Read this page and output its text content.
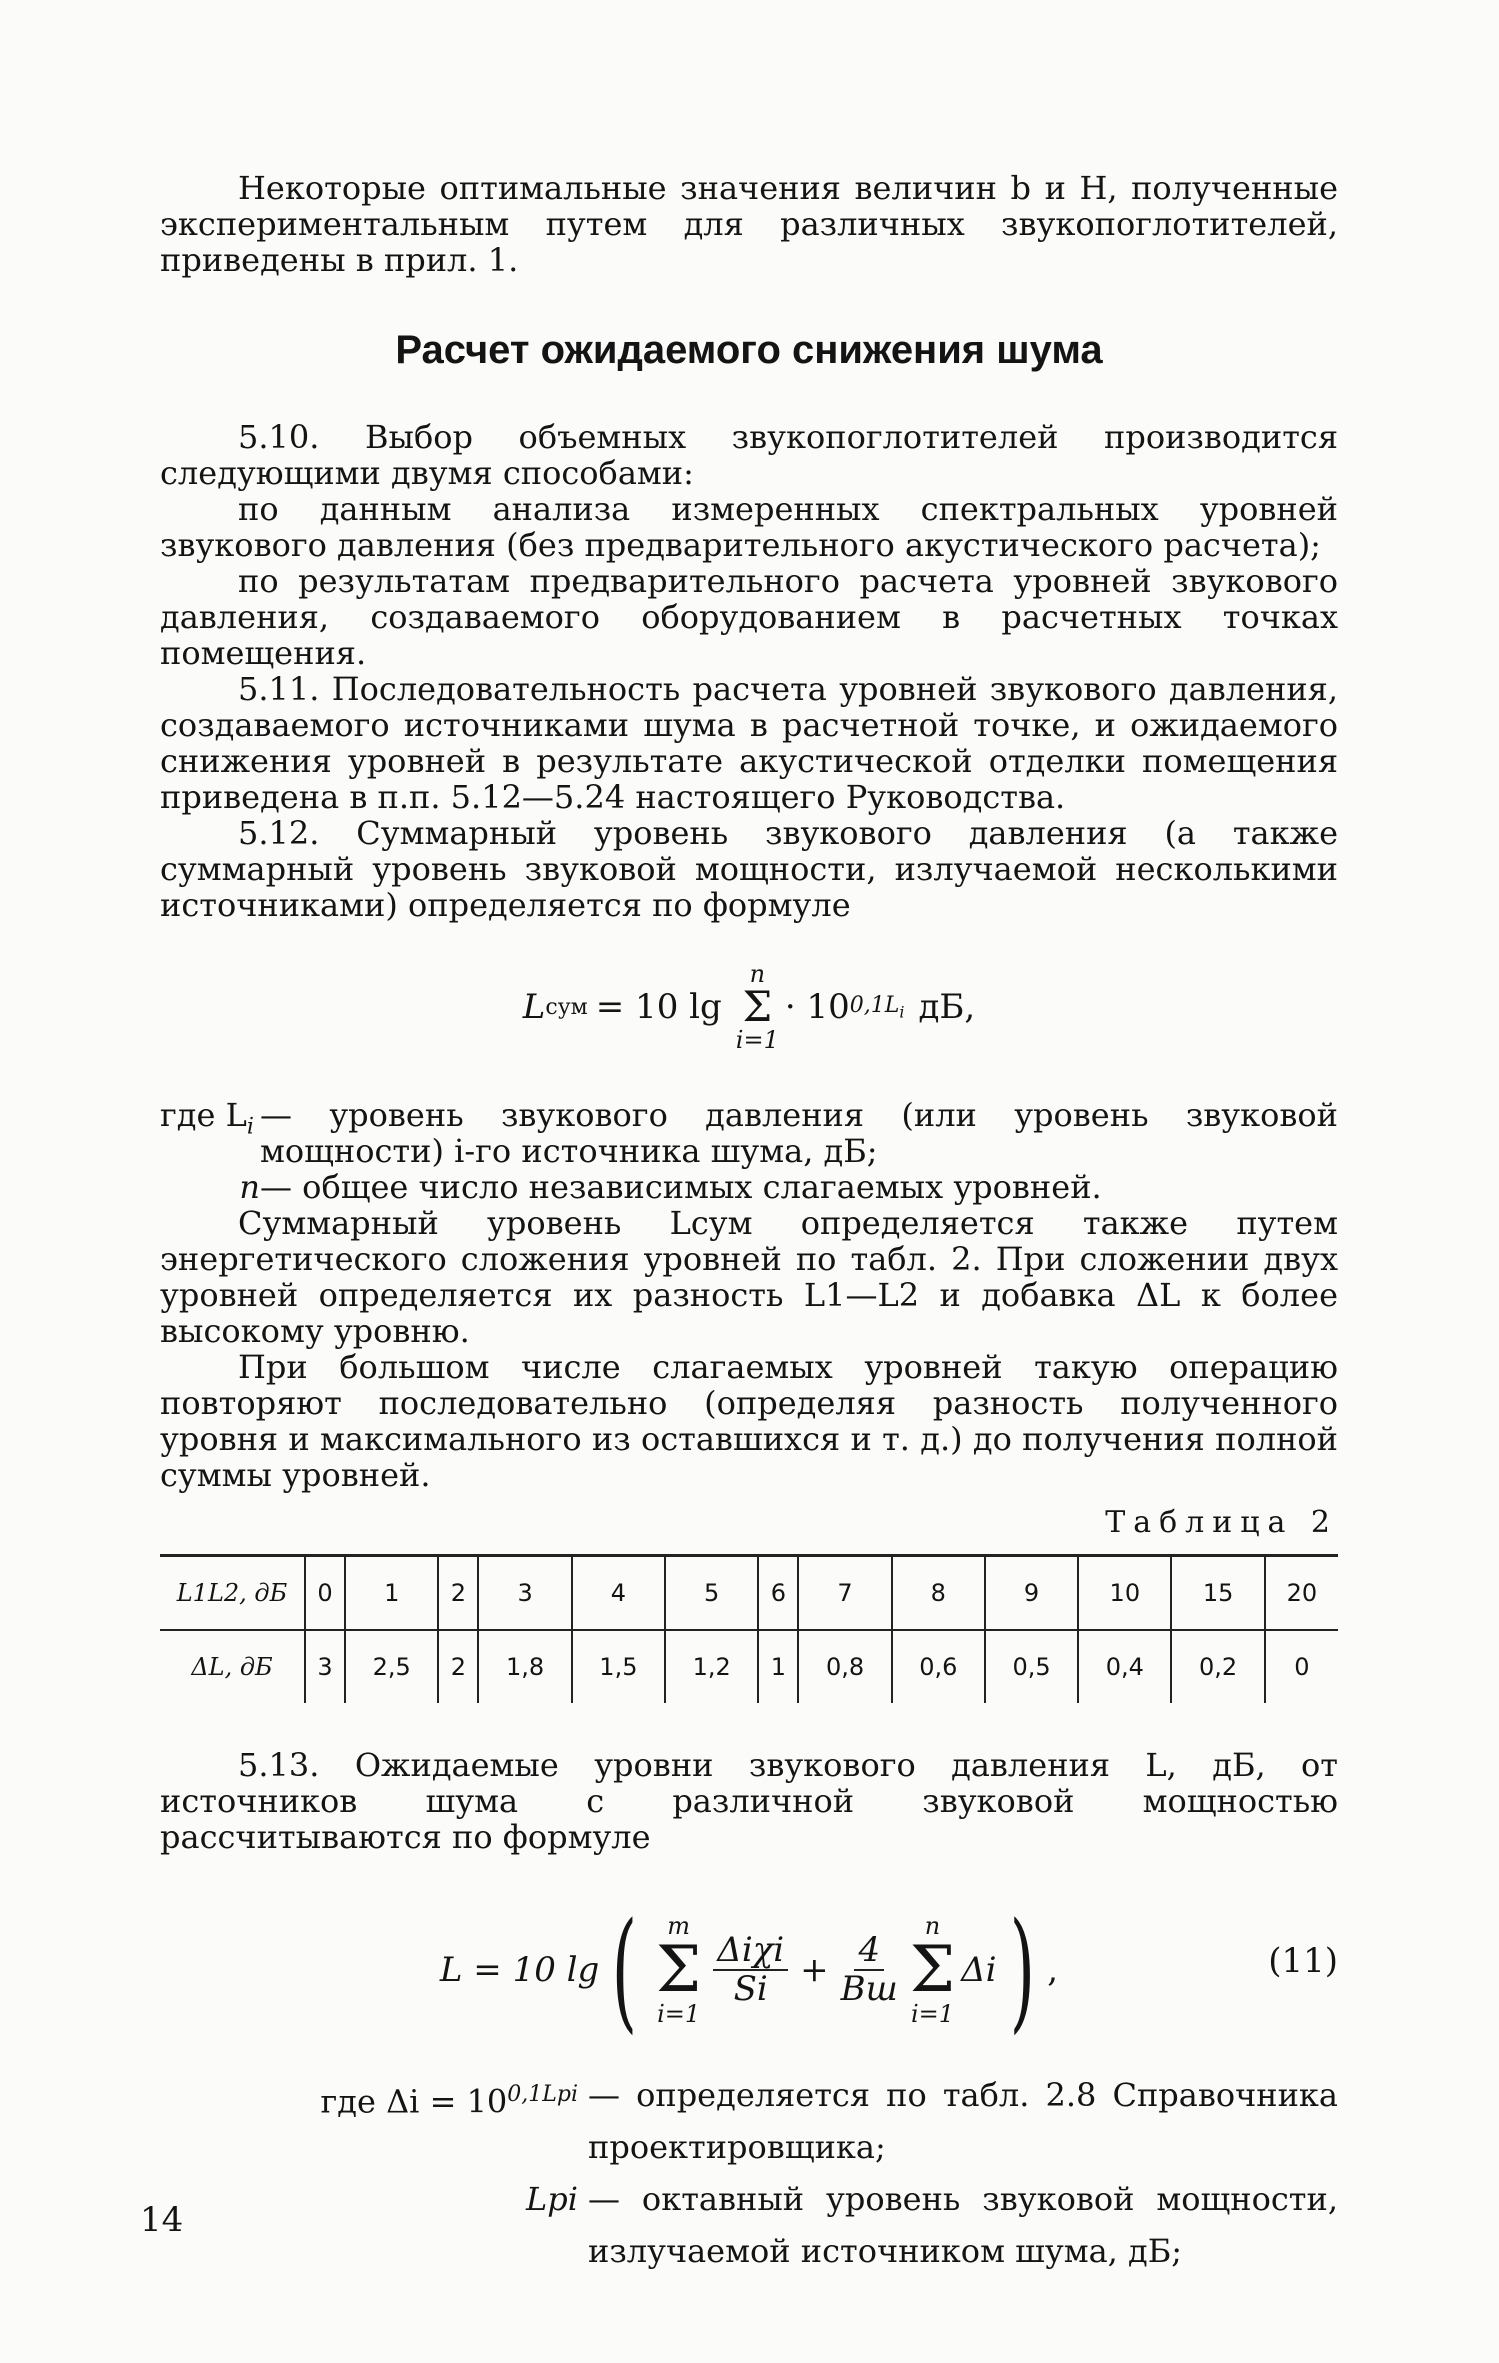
Некоторые оптимальные значения величин b и H, полученные экспериментальным путем для различных звукопоглотителей, приведены в прил. 1.

Расчет ожидаемого снижения шума

5.10. Выбор объемных звукопоглотителей производится следующими двумя способами:

по данным анализа измеренных спектральных уровней звукового давления (без предварительного акустического расчета);

по результатам предварительного расчета уровней звукового давления, создаваемого оборудованием в расчетных точках помещения.

5.11. Последовательность расчета уровней звукового давления, создаваемого источниками шума в расчетной точке, и ожидаемого снижения уровней в результате акустической отделки помещения приведена в п.п. 5.12—5.24 настоящего Руководства.

5.12. Суммарный уровень звукового давления (а также суммарный уровень звуковой мощности, излучаемой несколькими источниками) определяется по формуле

L сум = 10 lg
n
Σ
i=1
· 10 $0,1L_i$ дБ,
где $L_i$ — уровень звукового давления (или уровень звуковой мощности) i-го источника шума, дБ;
n — общее число независимых слагаемых уровней.

Суммарный уровень Lсум определяется также путем энергетического сложения уровней по табл. 2. При сложении двух уровней определяется их разность L1—L2 и добавка ΔL к более высокому уровню.

При большом числе слагаемых уровней такую операцию повторяют последовательно (определяя разность полученного уровня и максимального из оставшихся и т. д.) до получения полной суммы уровней.

Таблица 2
L1L2, дБ	0	1	2	3	4	5	6	7	8	9	10	15	20
ΔL, дБ	3	2,5	2	1,8	1,5	1,2	1	0,8	0,6	0,5	0,4	0,2	0

5.13. Ожидаемые уровни звукового давления L, дБ, от источников шума с различной звуковой мощностью рассчитываются по формуле

L = 10 lg ( m
Σ
i=1
$\frac{\text{Δiχi}}{Si} + \frac{4}{Bш}$
n
Σ
i=1
Δi ) ,	(11)
где $\Delta i = 10^{0,1Lpi}$ — определяется по табл. 2.8 Справочника проектировщика;
Lpi — октавный уровень звуковой мощности, излучаемой источником шума, дБ;
14
